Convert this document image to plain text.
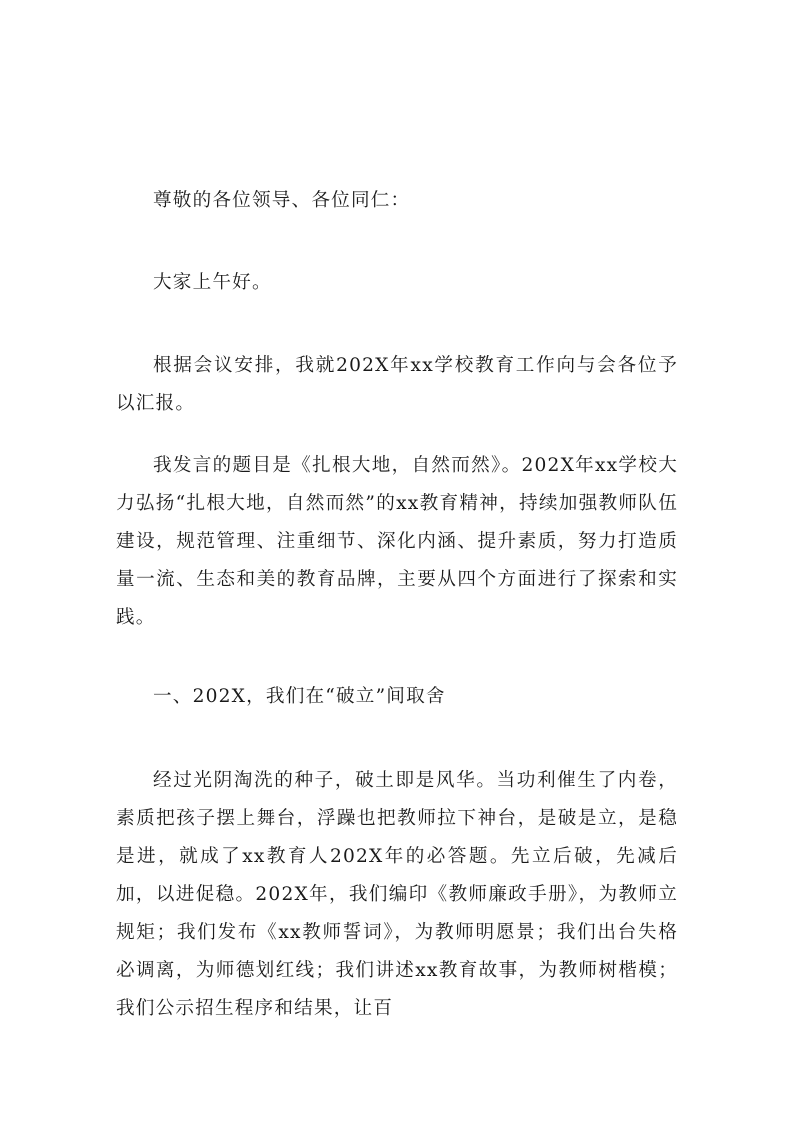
尊敬的各位领导、各位同仁：

大家上午好。

根据会议安排，我就202X年xx学校教育工作向与会各位予以汇报。

我发言的题目是《扎根大地，自然而然》。202X年xx学校大力弘扬“扎根大地，自然而然”的xx教育精神，持续加强教师队伍建设，规范管理、注重细节、深化内涵、提升素质，努力打造质量一流、生态和美的教育品牌，主要从四个方面进行了探索和实践。

一、202X，我们在“破立”间取舍

经过光阴淘洗的种子，破土即是风华。当功利催生了内卷，素质把孩子摆上舞台，浮躁也把教师拉下神台，是破是立，是稳是进，就成了xx教育人202X年的必答题。先立后破，先减后加，以进促稳。202X年，我们编印《教师廉政手册》，为教师立规矩；我们发布《xx教师誓词》，为教师明愿景；我们出台失格必调离，为师德划红线；我们讲述xx教育故事，为教师树楷模；我们公示招生程序和结果，让百
